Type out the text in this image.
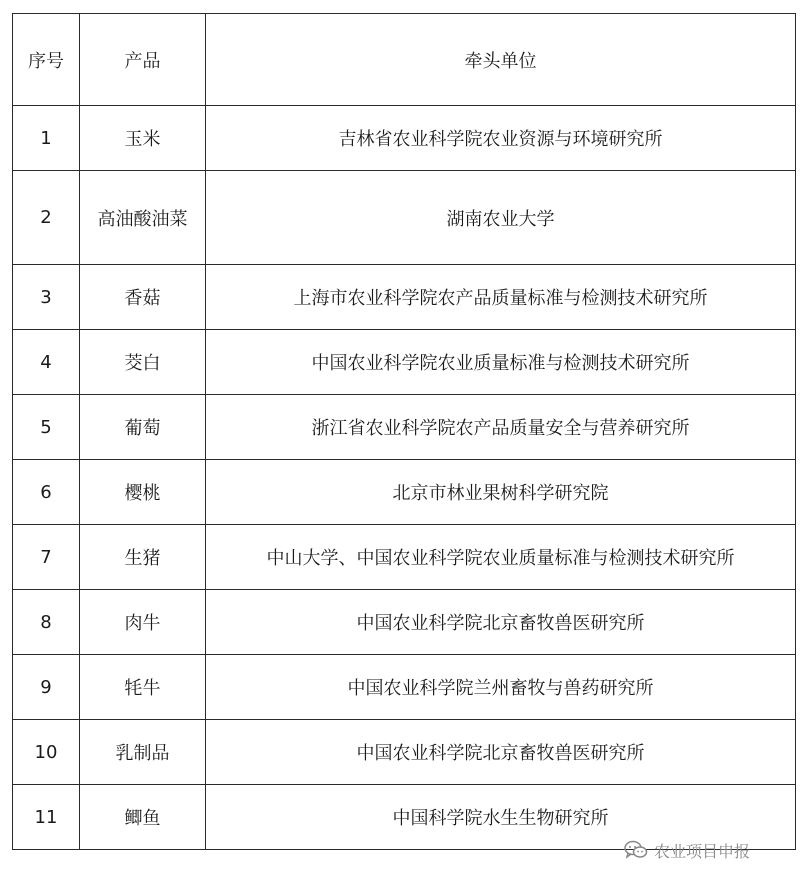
序号	产品	牵头单位
1	玉米	吉林省农业科学院农业资源与环境研究所
2	高油酸油菜	湖南农业大学
3	香菇	上海市农业科学院农产品质量标准与检测技术研究所
4	茭白	中国农业科学院农业质量标准与检测技术研究所
5	葡萄	浙江省农业科学院农产品质量安全与营养研究所
6	樱桃	北京市林业果树科学研究院
7	生猪	中山大学、中国农业科学院农业质量标准与检测技术研究所
8	肉牛	中国农业科学院北京畜牧兽医研究所
9	牦牛	中国农业科学院兰州畜牧与兽药研究所
10	乳制品	中国农业科学院北京畜牧兽医研究所
11	鲫鱼	中国科学院水生生物研究所
农业项目申报
